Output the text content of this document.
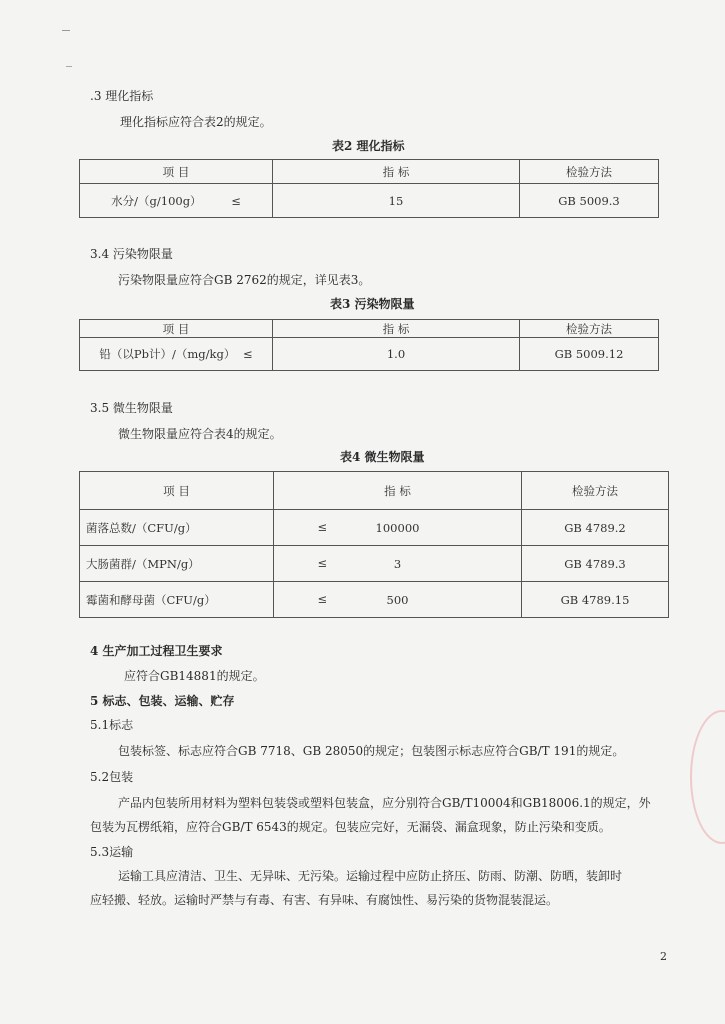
.3 理化指标
理化指标应符合表2的规定。
表2 理化指标
项 目	指 标	检验方法
水分/（g/100g） ≤	15	GB 5009.3
3.4 污染物限量
污染物限量应符合GB 2762的规定，详见表3。
表3 污染物限量
项 目	指 标	检验方法
铅（以Pb计）/（mg/kg） ≤	1.0	GB 5009.12
3.5 微生物限量
微生物限量应符合表4的规定。
表4 微生物限量
项 目	指 标	检验方法
菌落总数/（CFU/g） ≤	100000	GB 4789.2
大肠菌群/（MPN/g） ≤	3	GB 4789.3
霉菌和酵母菌（CFU/g） ≤	500	GB 4789.15
4 生产加工过程卫生要求
应符合GB14881的规定。
5 标志、包装、运输、贮存
5.1标志
包装标签、标志应符合GB 7718、GB 28050的规定；包装图示标志应符合GB/T 191的规定。
5.2包装
产品内包装所用材料为塑料包装袋或塑料包装盒，应分别符合GB/T10004和GB18006.1的规定，外
包装为瓦楞纸箱，应符合GB/T 6543的规定。包装应完好，无漏袋、漏盒现象，防止污染和变质。
5.3运输
运输工具应清洁、卫生、无异味、无污染。运输过程中应防止挤压、防雨、防潮、防晒，装卸时
应轻搬、轻放。运输时严禁与有毒、有害、有异味、有腐蚀性、易污染的货物混装混运。
2
